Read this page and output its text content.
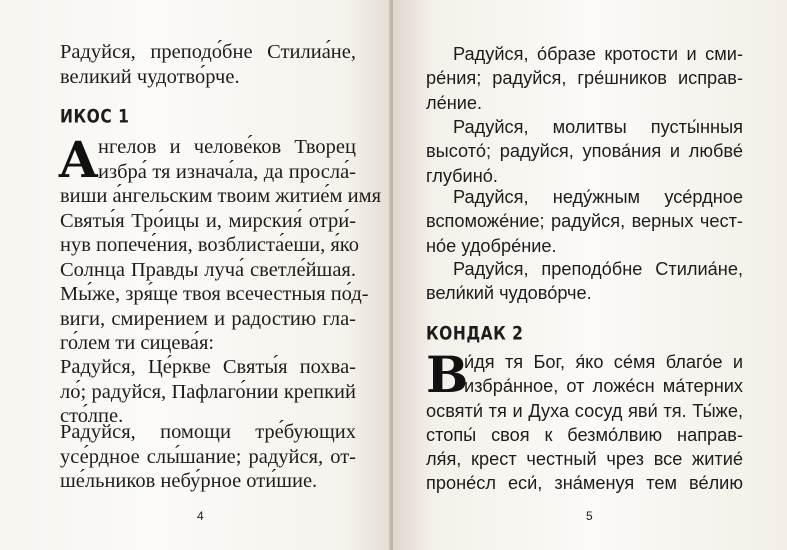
Радуйся, преподо́бне Стилиа́не,
великий чудотво́рче.

ИКОС 1
А нгелов и челове́ков Творец
избра́ тя изнача́ла, да просла́-
виши а́нгельским твоим житие́м имя
Святы́я Тро́ицы и, мирския́ отри́-
нув попече́ния, возблиста́еши, я́ко
Солнца Правды луча́ светле́йшая.
Мы́же, зря́ще твоя всечестныя по́д-
виги, смирением и радостию гла-
го́лем ти сицева́я:

Радуйся, Це́ркве Святы́я похва-
ло́; радуйся, Пафлаго́нии крепкий
сто́лпе.

Радуйся, помощи тре́бующих
усе́рдное слы́шание; радуйся, от-
ше́льников небу́рное оти́шие.

4

Радуйся, о́бразе кротости и сми-
ре́ния; радуйся, гре́шников исправ-
ле́ние.

Радуйся, молитвы пусты́нныя
высото́; радуйся, упова́ния и любве́
глубино́.

Радуйся, неду́жным усе́рдное
вспоможе́ние; радуйся, верных чест-
но́е удобре́ние.

Радуйся, преподо́бне Стилиа́не,
вели́кий чудово́рче.

КОНДАК 2
В

и́дя тя Бог, я́ко се́мя благо́е и
избра́нное, от ложе́сн ма́терних
освяти́ тя и Духа сосуд яви́ тя. Ты́же,
стопы́ своя к безмо́лвию направ-
ля́я, крест честный чрез все житие́
проне́сл еси́, зна́менуя тем ве́лию

5
